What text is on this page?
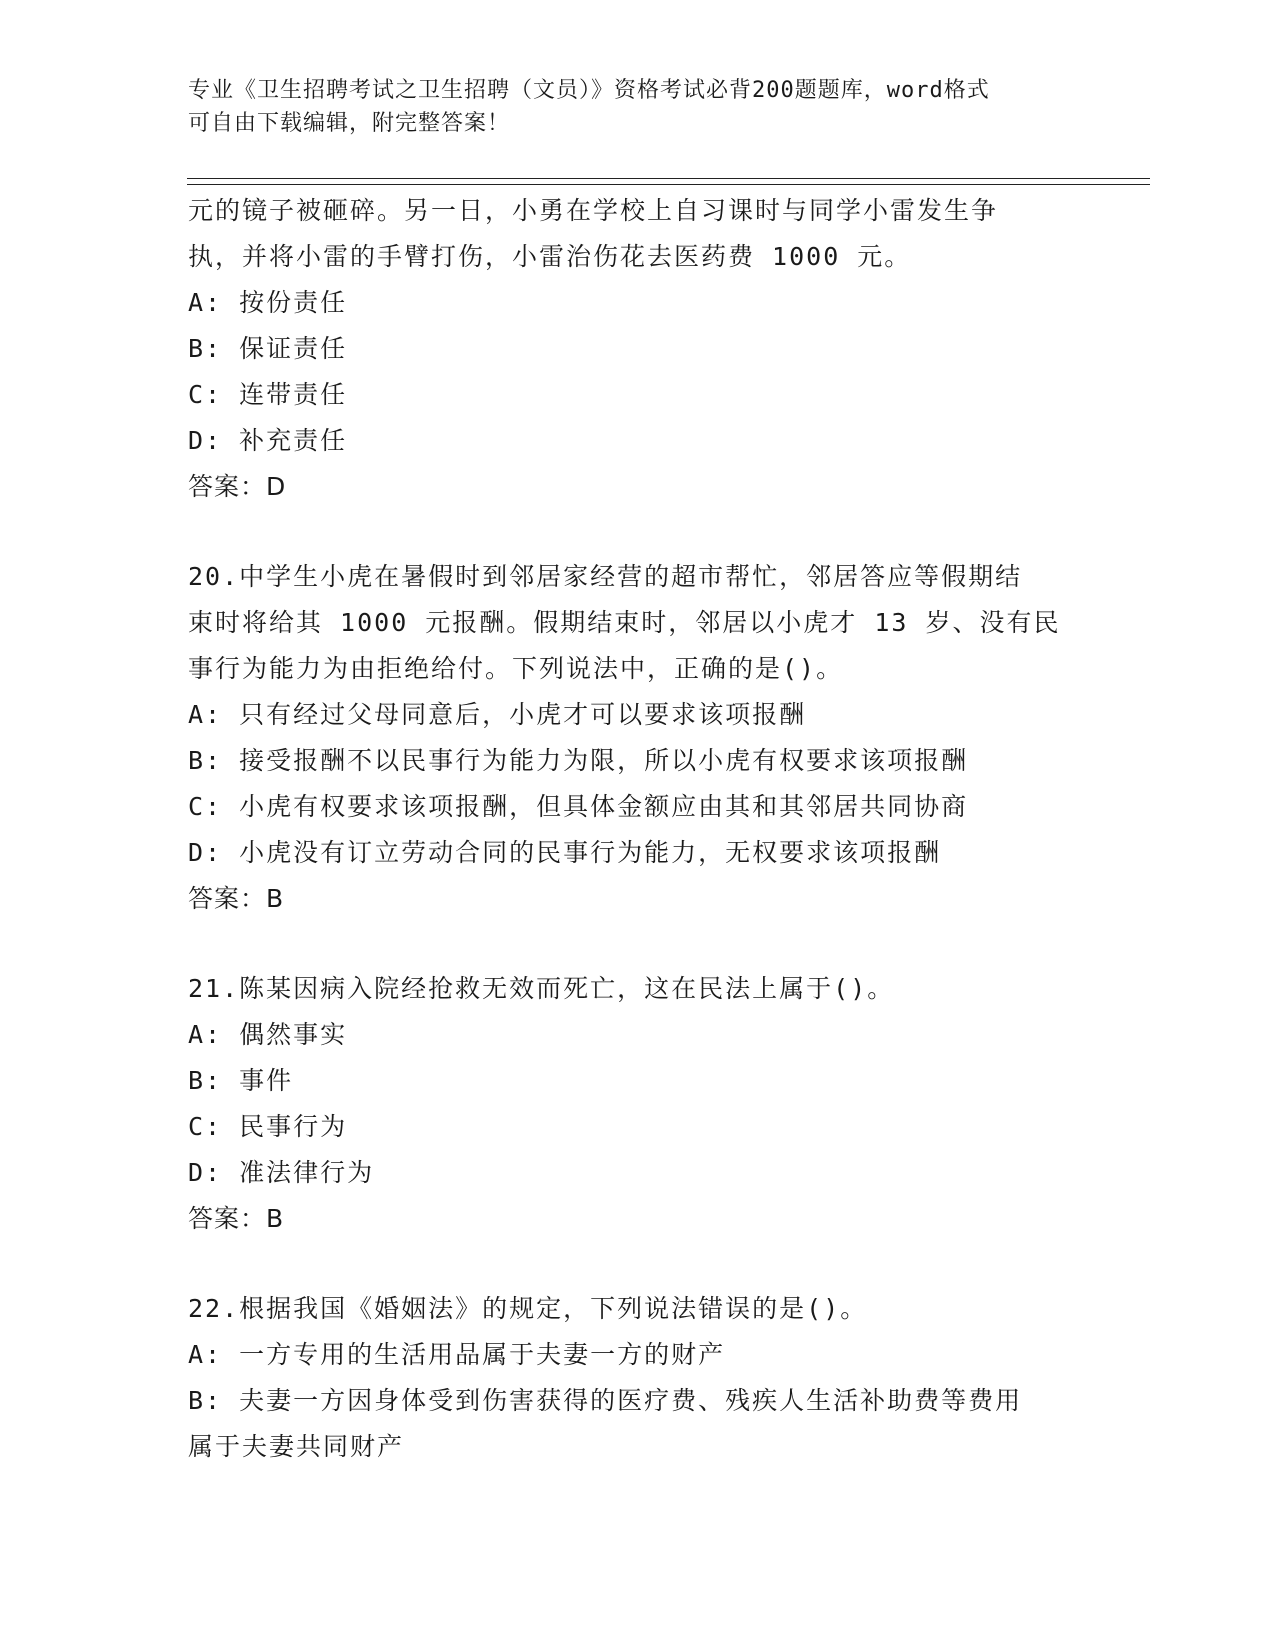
专业《卫生招聘考试之卫生招聘（文员）》资格考试必背200题题库，word格式
可自由下载编辑，附完整答案！
元的镜子被砸碎。另一日，小勇在学校上自习课时与同学小雷发生争
执，并将小雷的手臂打伤，小雷治伤花去医药费 1000 元。
A: 按份责任
B: 保证责任
C: 连带责任
D: 补充责任
答案：D
20.中学生小虎在暑假时到邻居家经营的超市帮忙，邻居答应等假期结
束时将给其 1000 元报酬。假期结束时，邻居以小虎才 13 岁、没有民
事行为能力为由拒绝给付。下列说法中，正确的是()。
A: 只有经过父母同意后，小虎才可以要求该项报酬
B: 接受报酬不以民事行为能力为限，所以小虎有权要求该项报酬
C: 小虎有权要求该项报酬，但具体金额应由其和其邻居共同协商
D: 小虎没有订立劳动合同的民事行为能力，无权要求该项报酬
答案：B
21.陈某因病入院经抢救无效而死亡，这在民法上属于()。
A: 偶然事实
B: 事件
C: 民事行为
D: 准法律行为
答案：B
22.根据我国《婚姻法》的规定，下列说法错误的是()。
A: 一方专用的生活用品属于夫妻一方的财产
B: 夫妻一方因身体受到伤害获得的医疗费、残疾人生活补助费等费用
属于夫妻共同财产
